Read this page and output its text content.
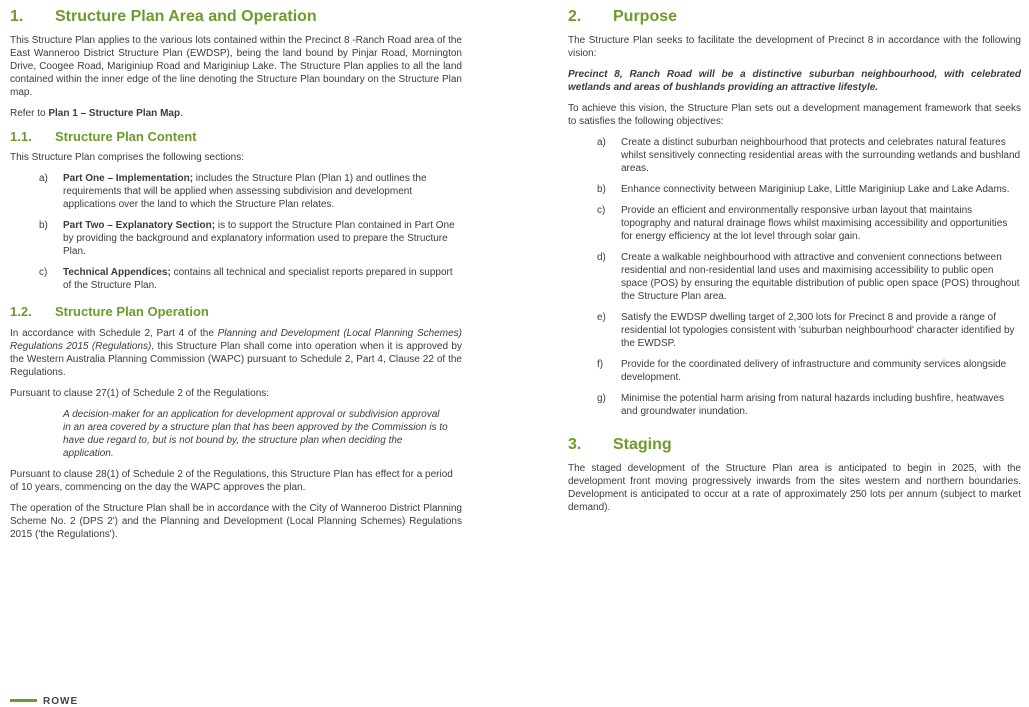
1. Structure Plan Area and Operation

This Structure Plan applies to the various lots contained within the Precinct 8 -Ranch Road area of the East Wanneroo District Structure Plan (EWDSP), being the land bound by Pinjar Road, Mornington Drive, Coogee Road, Mariginiup Road and Mariginiup Lake. The Structure Plan applies to all the land contained within the inner edge of the line denoting the Structure Plan boundary on the Structure Plan map.

Refer to Plan 1 – Structure Plan Map.

1.1. Structure Plan Content

This Structure Plan comprises the following sections:

a)	Part One – Implementation; includes the Structure Plan (Plan 1) and outlines the requirements that will be applied when assessing subdivision and development applications over the land to which the Structure Plan relates.
b)	Part Two – Explanatory Section; is to support the Structure Plan contained in Part One by providing the background and explanatory information used to prepare the Structure Plan.
c)	Technical Appendices; contains all technical and specialist reports prepared in support of the Structure Plan.
1.2. Structure Plan Operation

In accordance with Schedule 2, Part 4 of the Planning and Development (Local Planning Schemes) Regulations 2015 (Regulations), this Structure Plan shall come into operation when it is approved by the Western Australia Planning Commission (WAPC) pursuant to Schedule 2, Part 4, Clause 22 of the Regulations.

Pursuant to clause 27(1) of Schedule 2 of the Regulations:

A decision-maker for an application for development approval or subdivision approval in an area covered by a structure plan that has been approved by the Commission is to have due regard to, but is not bound by, the structure plan when deciding the application.

Pursuant to clause 28(1) of Schedule 2 of the Regulations, this Structure Plan has effect for a period of 10 years, commencing on the day the WAPC approves the plan.

The operation of the Structure Plan shall be in accordance with the City of Wanneroo District Planning Scheme No. 2 (DPS 2') and the Planning and Development (Local Planning Schemes) Regulations 2015 ('the Regulations').

2. Purpose

The Structure Plan seeks to facilitate the development of Precinct 8 in accordance with the following vision:

Precinct 8, Ranch Road will be a distinctive suburban neighbourhood, with celebrated wetlands and areas of bushlands providing an attractive lifestyle.

To achieve this vision, the Structure Plan sets out a development management framework that seeks to satisfies the following objectives:

a)	Create a distinct suburban neighbourhood that protects and celebrates natural features whilst sensitively connecting residential areas with the surrounding wetlands and bushland areas.
b)	Enhance connectivity between Mariginiup Lake, Little Mariginiup Lake and Lake Adams.
c)	Provide an efficient and environmentally responsive urban layout that maintains topography and natural drainage flows whilst maximising accessibility and opportunities for energy efficiency at the lot level through solar gain.
d)	Create a walkable neighbourhood with attractive and convenient connections between residential and non-residential land uses and maximising accessibility to public open space (POS) by ensuring the equitable distribution of public open space (POS) throughout the Structure Plan area.
e)	Satisfy the EWDSP dwelling target of 2,300 lots for Precinct 8 and provide a range of residential lot typologies consistent with 'suburban neighbourhood' character identified by the EWDSP.
f)	Provide for the coordinated delivery of infrastructure and community services alongside development.
g)	Minimise the potential harm arising from natural hazards including bushfire, heatwaves and groundwater inundation.
3. Staging

The staged development of the Structure Plan area is anticipated to begin in 2025, with the development front moving progressively inwards from the sites western and northern boundaries. Development is anticipated to occur at a rate of approximately 250 lots per annum (subject to market demand).

ROWE
